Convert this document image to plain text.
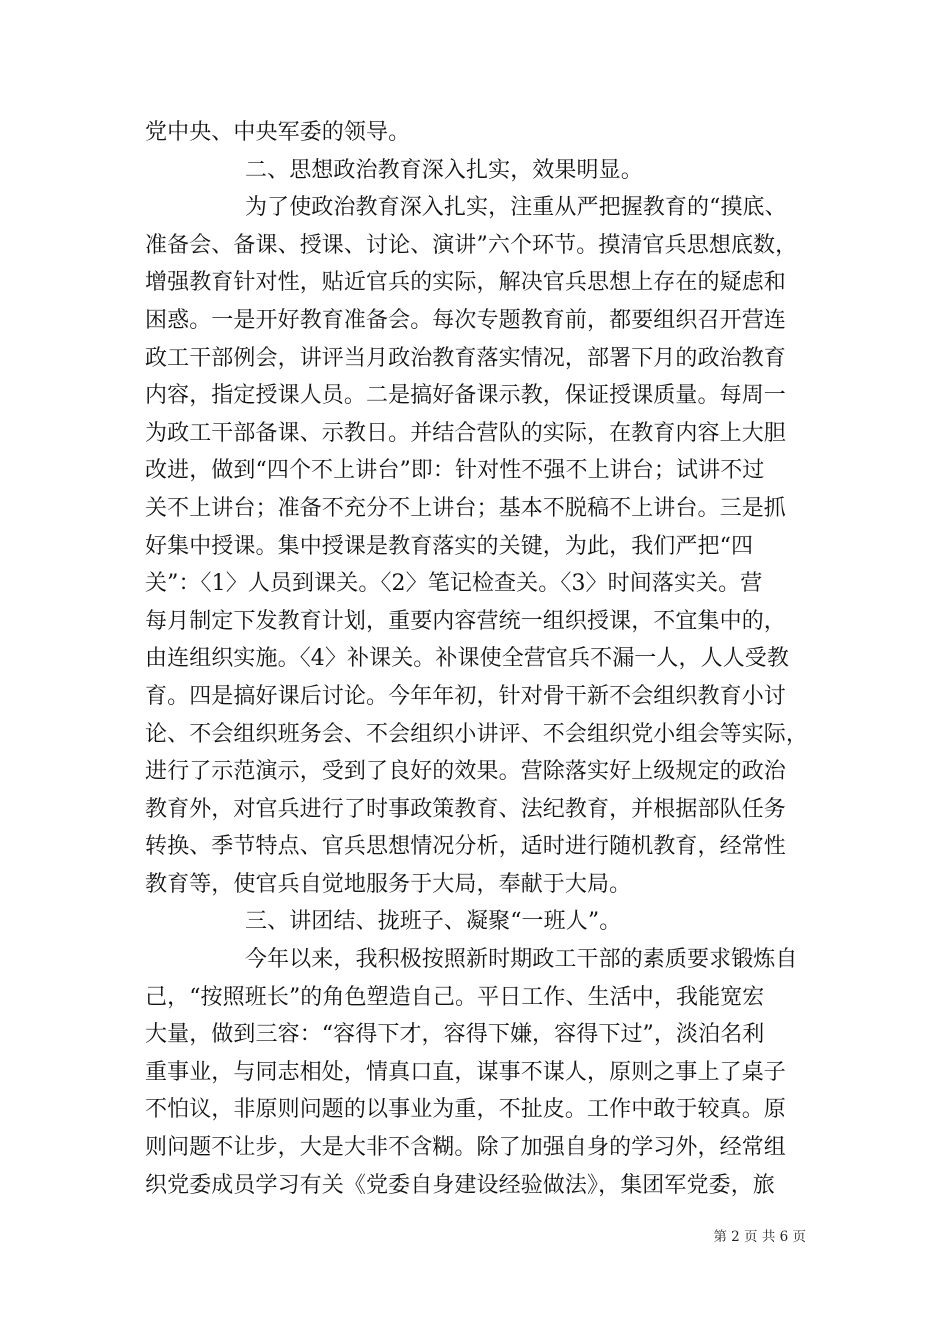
党中央、中央军委的领导。
二、思想政治教育深入扎实，效果明显。
为了使政治教育深入扎实，注重从严把握教育的“摸底、
准备会、备课、授课、讨论、演讲”六个环节。摸清官兵思想底数，
增强教育针对性，贴近官兵的实际，解决官兵思想上存在的疑虑和
困惑。一是开好教育准备会。每次专题教育前，都要组织召开营连
政工干部例会，讲评当月政治教育落实情况，部署下月的政治教育
内容，指定授课人员。二是搞好备课示教，保证授课质量。每周一
为政工干部备课、示教日。并结合营队的实际，在教育内容上大胆
改进，做到“四个不上讲台”即：针对性不强不上讲台；试讲不过
关不上讲台；准备不充分不上讲台；基本不脱稿不上讲台。三是抓
好集中授课。集中授课是教育落实的关键，为此，我们严把“四
关”：〈1〉人员到课关。〈2〉笔记检查关。〈3〉时间落实关。营
每月制定下发教育计划，重要内容营统一组织授课，不宜集中的，
由连组织实施。〈4〉补课关。补课使全营官兵不漏一人，人人受教
育。四是搞好课后讨论。今年年初，针对骨干新不会组织教育小讨
论、不会组织班务会、不会组织小讲评、不会组织党小组会等实际，
进行了示范演示，受到了良好的效果。营除落实好上级规定的政治
教育外，对官兵进行了时事政策教育、法纪教育，并根据部队任务
转换、季节特点、官兵思想情况分析，适时进行随机教育，经常性
教育等，使官兵自觉地服务于大局，奉献于大局。
三、讲团结、拢班子、凝聚“一班人”。
今年以来，我积极按照新时期政工干部的素质要求锻炼自
己，“按照班长”的角色塑造自己。平日工作、生活中，我能宽宏
大量，做到三容：“容得下才，容得下嫌，容得下过”，淡泊名利
重事业，与同志相处，情真口直，谋事不谋人，原则之事上了桌子
不怕议，非原则问题的以事业为重，不扯皮。工作中敢于较真。原
则问题不让步，大是大非不含糊。除了加强自身的学习外，经常组
织党委成员学习有关《党委自身建设经验做法》，集团军党委，旅
第 2 页 共 6 页
